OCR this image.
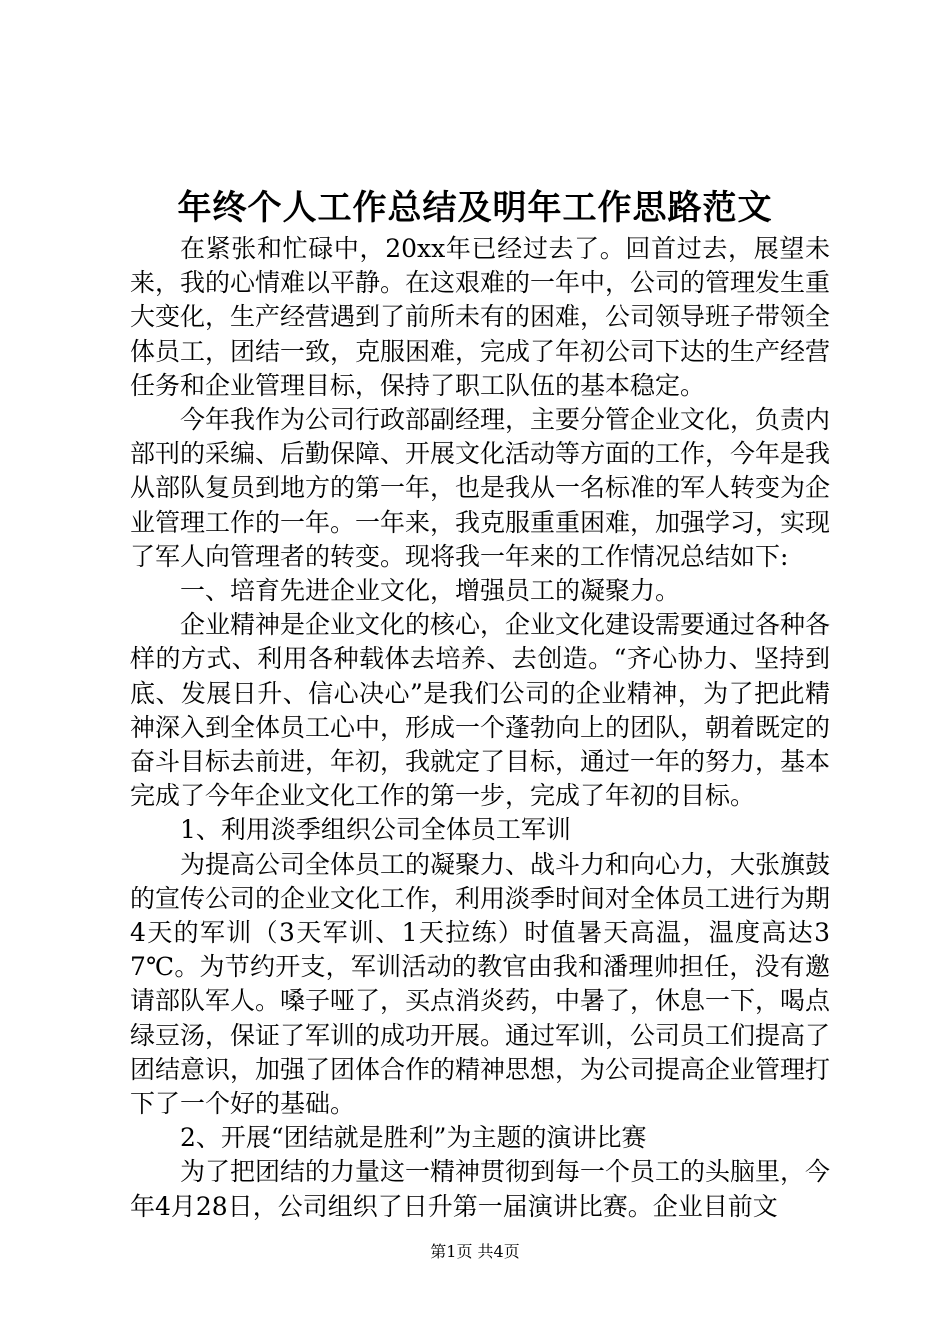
年终个人工作总结及明年工作思路范文

在紧张和忙碌中，20xx年已经过去了。回首过去，展望未来，我的心情难以平静。在这艰难的一年中，公司的管理发生重大变化，生产经营遇到了前所未有的困难，公司领导班子带领全体员工，团结一致，克服困难，完成了年初公司下达的生产经营任务和企业管理目标，保持了职工队伍的基本稳定。

今年我作为公司行政部副经理，主要分管企业文化，负责内部刊的采编、后勤保障、开展文化活动等方面的工作，今年是我从部队复员到地方的第一年，也是我从一名标准的军人转变为企业管理工作的一年。一年来，我克服重重困难，加强学习，实现了军人向管理者的转变。现将我一年来的工作情况总结如下:

一、培育先进企业文化，增强员工的凝聚力。

企业精神是企业文化的核心，企业文化建设需要通过各种各样的方式、利用各种载体去培养、去创造。“齐心协力、坚持到底、发展日升、信心决心”是我们公司的企业精神，为了把此精神深入到全体员工心中，形成一个蓬勃向上的团队，朝着既定的奋斗目标去前进，年初，我就定了目标，通过一年的努力，基本完成了今年企业文化工作的第一步，完成了年初的目标。

1、利用淡季组织公司全体员工军训

为提高公司全体员工的凝聚力、战斗力和向心力，大张旗鼓的宣传公司的企业文化工作，利用淡季时间对全体员工进行为期4天的军训（3天军训、1天拉练）时值暑天高温，温度高达37℃。为节约开支，军训活动的教官由我和潘理帅担任，没有邀请部队军人。嗓子哑了，买点消炎药，中暑了，休息一下，喝点绿豆汤，保证了军训的成功开展。通过军训，公司员工们提高了团结意识，加强了团体合作的精神思想，为公司提高企业管理打下了一个好的基础。

2、开展“团结就是胜利”为主题的演讲比赛

为了把团结的力量这一精神贯彻到每一个员工的头脑里，今年4月28日，公司组织了日升第一届演讲比赛。企业目前文

第1页 共4页
